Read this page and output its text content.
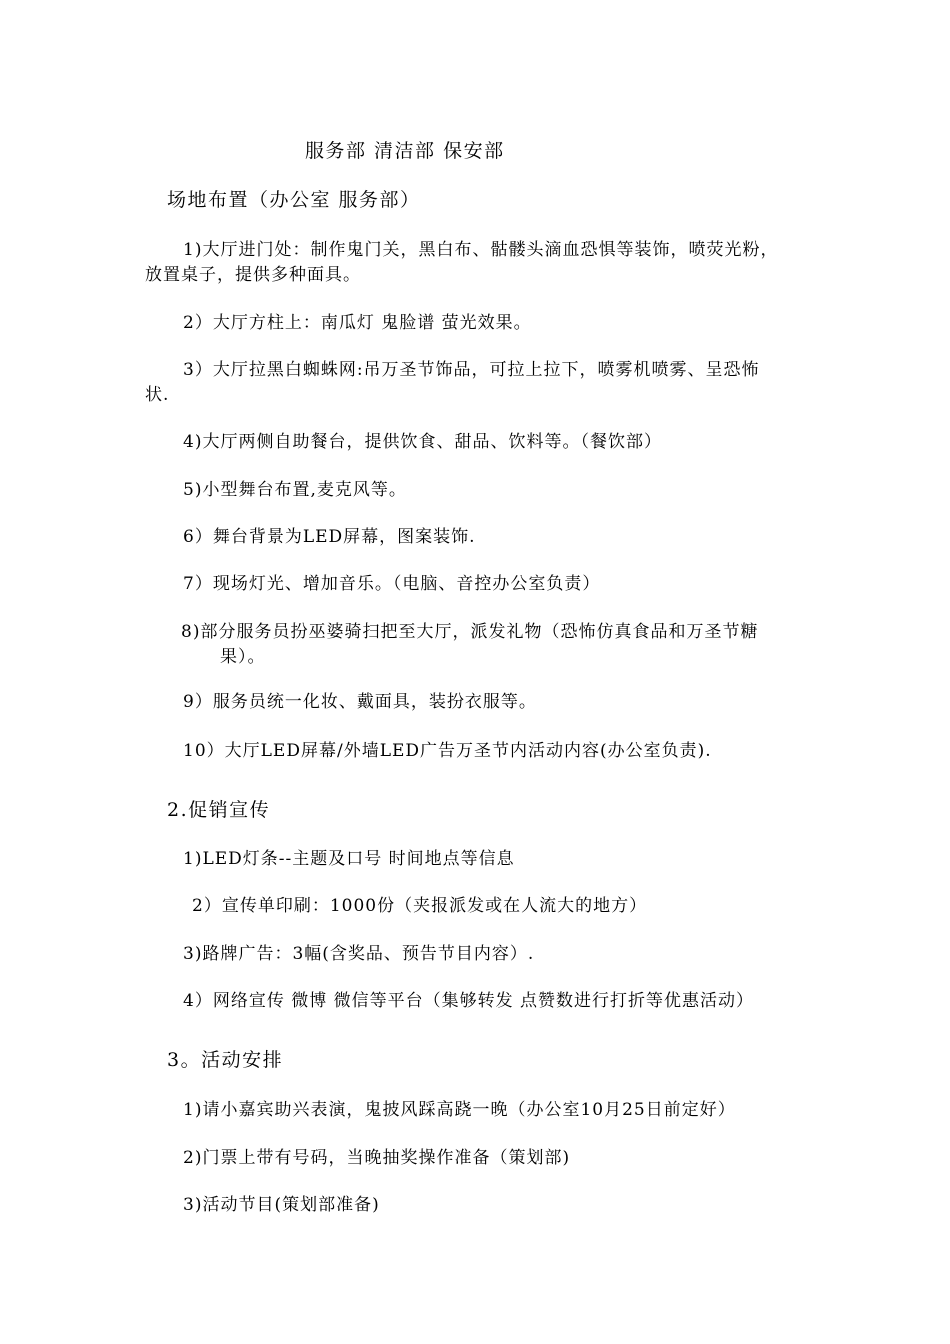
服务部 清洁部 保安部
场地布置（办公室 服务部）
1)大厅进门处：制作鬼门关，黑白布、骷髅头滴血恐惧等装饰，喷荧光粉，
放置桌子，提供多种面具。
2）大厅方柱上：南瓜灯 鬼脸谱 萤光效果。
3）大厅拉黑白蜘蛛网:吊万圣节饰品，可拉上拉下，喷雾机喷雾、呈恐怖
状.
4)大厅两侧自助餐台，提供饮食、甜品、饮料等。（餐饮部）
5)小型舞台布置,麦克风等。
6）舞台背景为LED屏幕，图案装饰.
7）现场灯光、增加音乐。（电脑、音控办公室负责）
8)部分服务员扮巫婆骑扫把至大厅，派发礼物（恐怖仿真食品和万圣节糖
果）。
9）服务员统一化妆、戴面具，装扮衣服等。
10）大厅LED屏幕/外墙LED广告万圣节内活动内容(办公室负责).
2.促销宣传
1)LED灯条--主题及口号 时间地点等信息
2）宣传单印刷：1000份（夹报派发或在人流大的地方）
3)路牌广告：3幅(含奖品、预告节目内容）.
4）网络宣传 微博 微信等平台（集够转发 点赞数进行打折等优惠活动）
3。活动安排
1)请小嘉宾助兴表演，鬼披风踩高跷一晚（办公室10月25日前定好）
2)门票上带有号码，当晚抽奖操作准备（策划部)
3)活动节目(策划部准备)
